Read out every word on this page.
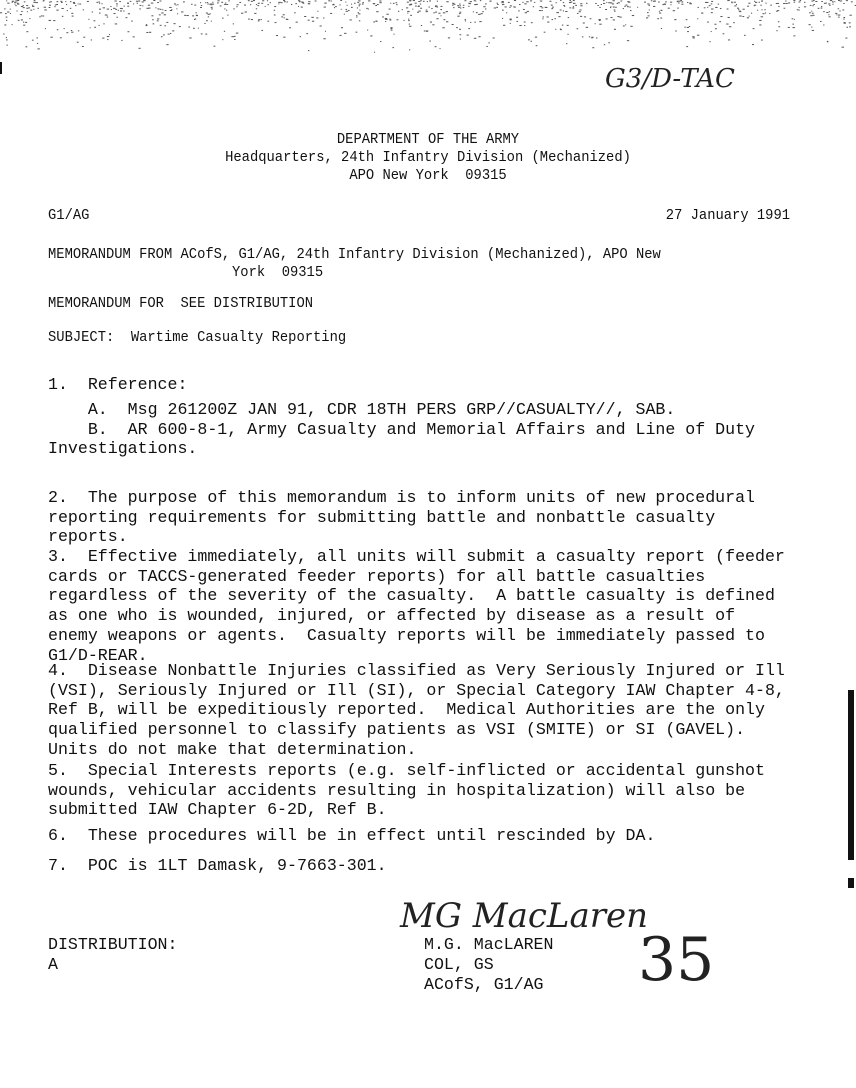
G3/D-TAC
DEPARTMENT OF THE ARMY
Headquarters, 24th Infantry Division (Mechanized)
APO New York  09315
G1/AG	27 January 1991
MEMORANDUM FROM ACofS, G1/AG, 24th Infantry Division (Mechanized), APO New
York  09315
MEMORANDUM FOR  SEE DISTRIBUTION
SUBJECT:  Wartime Casualty Reporting
1.  Reference:
A.  Msg 261200Z JAN 91, CDR 18TH PERS GRP//CASUALTY//, SAB.
B.  AR 600-8-1, Army Casualty and Memorial Affairs and Line of Duty
Investigations.
2.  The purpose of this memorandum is to inform units of new procedural
reporting requirements for submitting battle and nonbattle casualty
reports.
3.  Effective immediately, all units will submit a casualty report (feeder
cards or TACCS-generated feeder reports) for all battle casualties
regardless of the severity of the casualty.  A battle casualty is defined
as one who is wounded, injured, or affected by disease as a result of
enemy weapons or agents.  Casualty reports will be immediately passed to
G1/D-REAR.
4.  Disease Nonbattle Injuries classified as Very Seriously Injured or Ill
(VSI), Seriously Injured or Ill (SI), or Special Category IAW Chapter 4-8,
Ref B, will be expeditiously reported.  Medical Authorities are the only
qualified personnel to classify patients as VSI (SMITE) or SI (GAVEL).
Units do not make that determination.
5.  Special Interests reports (e.g. self-inflicted or accidental gunshot
wounds, vehicular accidents resulting in hospitalization) will also be
submitted IAW Chapter 6-2D, Ref B.
6.  These procedures will be in effect until rescinded by DA.
7.  POC is 1LT Damask, 9-7663-301.
DISTRIBUTION:
A
MG MacLaren
M.G. MacLAREN
COL, GS
ACofS, G1/AG 35
